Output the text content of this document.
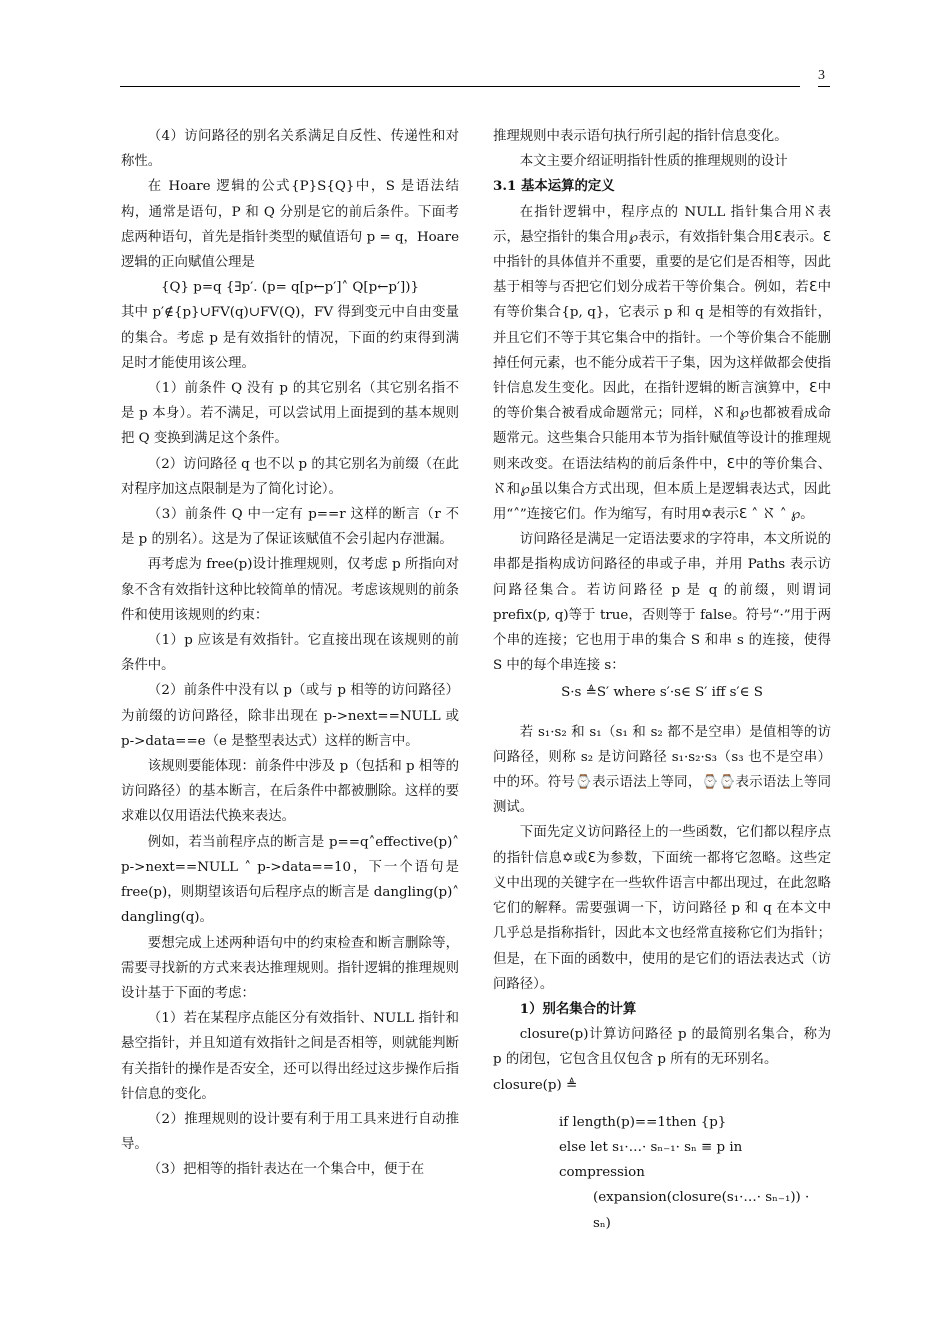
3
（4）访问路径的别名关系满足自反性、传递性和对称性。
在 Hoare 逻辑的公式{P}S{Q}中，S 是语法结构，通常是语句，P 和 Q 分别是它的前后条件。下面考虑两种语句，首先是指针类型的赋值语句 p = q，Hoare 逻辑的正向赋值公理是
{Q} p=q {∃p′. (p= q[p←p′]˄ Q[p←p′])}
其中 p′∉{p}∪FV(q)∪FV(Q)，FV 得到变元中自由变量的集合。考虑 p 是有效指针的情况，下面的约束得到满足时才能使用该公理。
（1）前条件 Q 没有 p 的其它别名（其它别名指不是 p 本身）。若不满足，可以尝试用上面提到的基本规则把 Q 变换到满足这个条件。
（2）访问路径 q 也不以 p 的其它别名为前缀（在此对程序加这点限制是为了简化讨论）。
（3）前条件 Q 中一定有 p==r 这样的断言（r 不是 p 的别名）。这是为了保证该赋值不会引起内存泄漏。
再考虑为 free(p)设计推理规则，仅考虑 p 所指向对象不含有效指针这种比较简单的情况。考虑该规则的前条件和使用该规则的约束：
（1）p 应该是有效指针。它直接出现在该规则的前条件中。
（2）前条件中没有以 p（或与 p 相等的访问路径）为前缀的访问路径，除非出现在 p->next==NULL 或 p->data==e（e 是整型表达式）这样的断言中。
该规则要能体现：前条件中涉及 p（包括和 p 相等的访问路径）的基本断言，在后条件中都被删除。这样的要求难以仅用语法代换来表达。
例如，若当前程序点的断言是 p==q˄effective(p)˄ p->next==NULL ˄ p->data==10，下一个语句是 free(p)，则期望该语句后程序点的断言是 dangling(p)˄ dangling(q)。
要想完成上述两种语句中的约束检查和断言删除等，需要寻找新的方式来表达推理规则。指针逻辑的推理规则设计基于下面的考虑：
（1）若在某程序点能区分有效指针、NULL 指针和悬空指针，并且知道有效指针之间是否相等，则就能判断有关指针的操作是否安全，还可以得出经过这步操作后指针信息的变化。
（2）推理规则的设计要有利于用工具来进行自动推导。
（3）把相等的指针表达在一个集合中，便于在
推理规则中表示语句执行所引起的指针信息变化。
本文主要介绍证明指针性质的推理规则的设计
3.1 基本运算的定义
在指针逻辑中，程序点的 NULL 指针集合用ℵ表示，悬空指针的集合用℘表示，有效指针集合用ℇ表示。ℇ中指针的具体值并不重要，重要的是它们是否相等，因此基于相等与否把它们划分成若干等价集合。例如，若ℇ中有等价集合{p, q}，它表示 p 和 q 是相等的有效指针，并且它们不等于其它集合中的指针。一个等价集合不能删掉任何元素，也不能分成若干子集，因为这样做都会使指针信息发生变化。因此，在指针逻辑的断言演算中，ℇ中的等价集合被看成命题常元；同样，ℵ和℘也都被看成命题常元。这些集合只能用本节为指针赋值等设计的推理规则来改变。在语法结构的前后条件中，ℇ中的等价集合、ℵ和℘虽以集合方式出现，但本质上是逻辑表达式，因此用“˄”连接它们。作为缩写，有时用✡表示ℇ ˄ ℵ ˄ ℘。
访问路径是满足一定语法要求的字符串，本文所说的串都是指构成访问路径的串或子串，并用 Paths 表示访问路径集合。若访问路径 p 是 q 的前缀，则谓词 prefix(p, q)等于 true，否则等于 false。符号“·”用于两个串的连接；它也用于串的集合 S 和串 s 的连接，使得 S 中的每个串连接 s：
S·s ≜S′ where s′·s∈ S′ iff s′∈ S
若 s₁·s₂ 和 s₁（s₁ 和 s₂ 都不是空串）是值相等的访问路径，则称 s₂ 是访问路径 s₁·s₂·s₃（s₃ 也不是空串）中的环。符号⌚表示语法上等同，⌚⌚表示语法上等同测试。
下面先定义访问路径上的一些函数，它们都以程序点的指针信息✡或ℇ为参数，下面统一都将它忽略。这些定义中出现的关键字在一些软件语言中都出现过，在此忽略它们的解释。需要强调一下，访问路径 p 和 q 在本文中几乎总是指称指针，因此本文也经常直接称它们为指针；但是，在下面的函数中，使用的是它们的语法表达式（访问路径）。
1）别名集合的计算
closure(p)计算访问路径 p 的最简别名集合，称为 p 的闭包，它包含且仅包含 p 所有的无环别名。
closure(p) ≜
if length(p)==1then {p}
else let s₁·…· sₙ₋₁· sₙ ≡ p in compression
(expansion(closure(s₁·…· sₙ₋₁)) · sₙ)
